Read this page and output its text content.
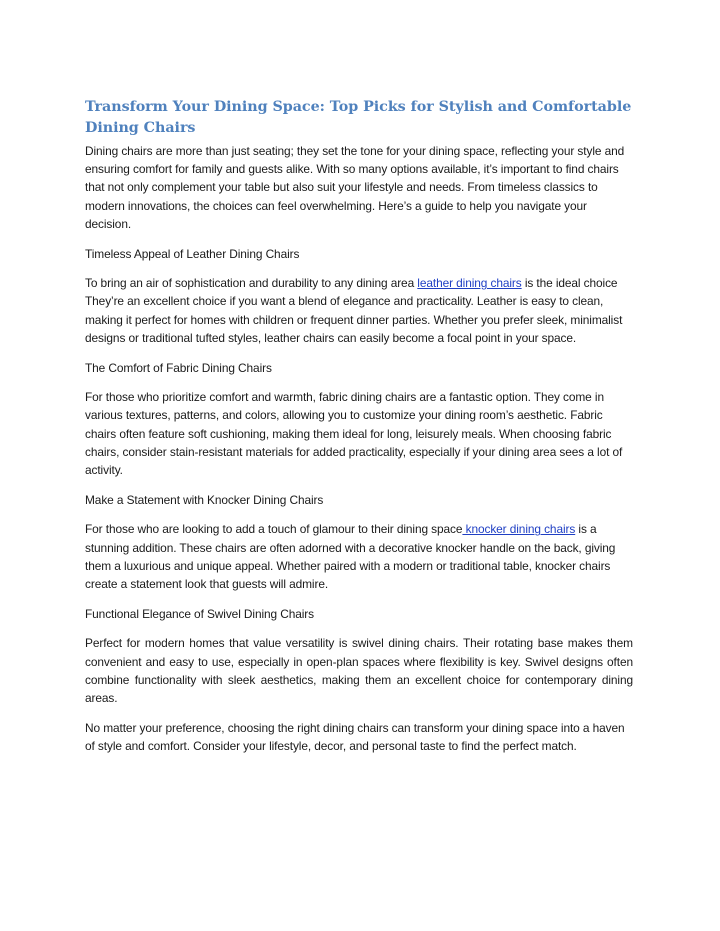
Transform Your Dining Space: Top Picks for Stylish and Comfortable Dining Chairs

Dining chairs are more than just seating; they set the tone for your dining space, reflecting your style and ensuring comfort for family and guests alike. With so many options available, it’s important to find chairs that not only complement your table but also suit your lifestyle and needs. From timeless classics to modern innovations, the choices can feel overwhelming. Here’s a guide to help you navigate your decision.

Timeless Appeal of Leather Dining Chairs

To bring an air of sophistication and durability to any dining area leather dining chairs is the ideal choice They’re an excellent choice if you want a blend of elegance and practicality. Leather is easy to clean, making it perfect for homes with children or frequent dinner parties. Whether you prefer sleek, minimalist designs or traditional tufted styles, leather chairs can easily become a focal point in your space.

The Comfort of Fabric Dining Chairs

For those who prioritize comfort and warmth, fabric dining chairs are a fantastic option. They come in various textures, patterns, and colors, allowing you to customize your dining room’s aesthetic. Fabric chairs often feature soft cushioning, making them ideal for long, leisurely meals. When choosing fabric chairs, consider stain-resistant materials for added practicality, especially if your dining area sees a lot of activity.

Make a Statement with Knocker Dining Chairs

For those who are looking to add a touch of glamour to their dining space knocker dining chairs is a stunning addition. These chairs are often adorned with a decorative knocker handle on the back, giving them a luxurious and unique appeal. Whether paired with a modern or traditional table, knocker chairs create a statement look that guests will admire.

Functional Elegance of Swivel Dining Chairs

Perfect for modern homes that value versatility is swivel dining chairs. Their rotating base makes them convenient and easy to use, especially in open-plan spaces where flexibility is key. Swivel designs often combine functionality with sleek aesthetics, making them an excellent choice for contemporary dining areas.

No matter your preference, choosing the right dining chairs can transform your dining space into a haven of style and comfort. Consider your lifestyle, decor, and personal taste to find the perfect match.
